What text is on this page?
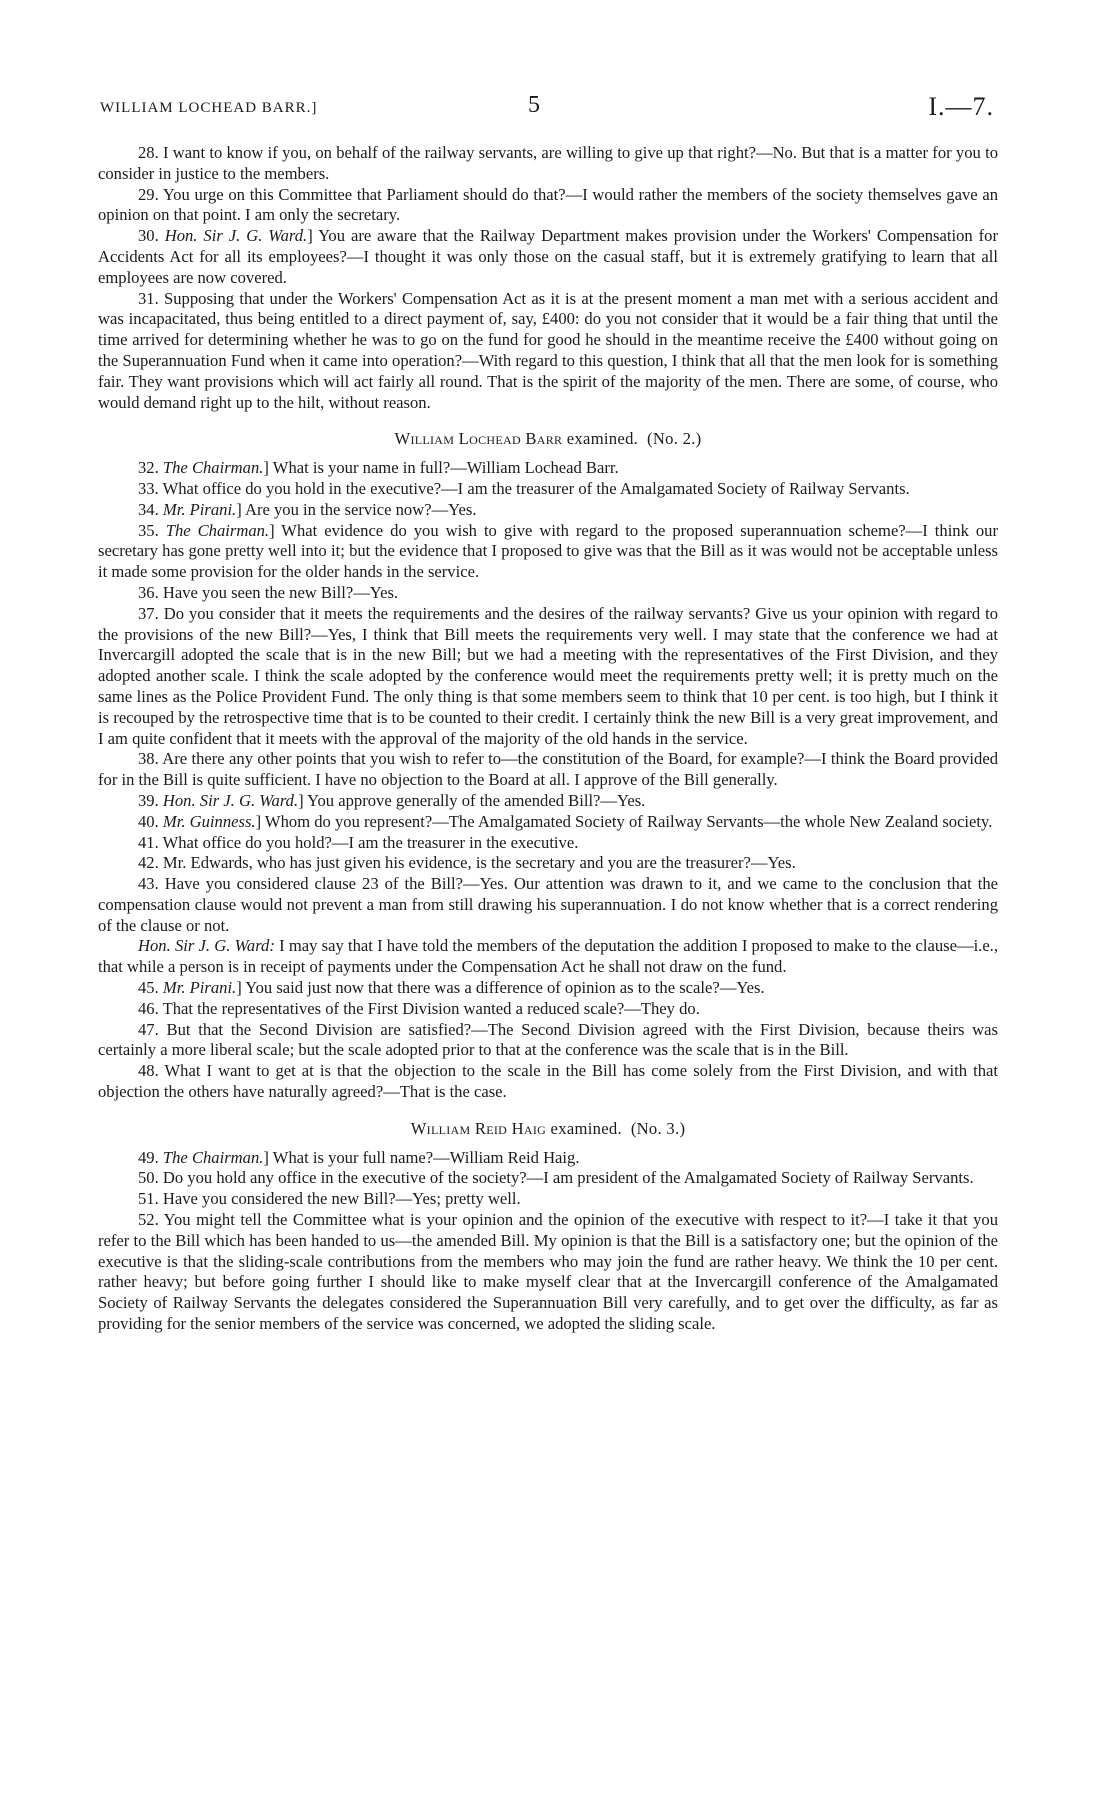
WILLIAM LOCHEAD BARR.]	5	I.—7.

28. I want to know if you, on behalf of the railway servants, are willing to give up that right?—No. But that is a matter for you to consider in justice to the members.

29. You urge on this Committee that Parliament should do that?—I would rather the members of the society themselves gave an opinion on that point. I am only the secretary.

30. Hon. Sir J. G. Ward.] You are aware that the Railway Department makes provision under the Workers' Compensation for Accidents Act for all its employees?—I thought it was only those on the casual staff, but it is extremely gratifying to learn that all employees are now covered.

31. Supposing that under the Workers' Compensation Act as it is at the present moment a man met with a serious accident and was incapacitated, thus being entitled to a direct payment of, say, £400: do you not consider that it would be a fair thing that until the time arrived for determining whether he was to go on the fund for good he should in the meantime receive the £400 without going on the Superannuation Fund when it came into operation?—With regard to this question, I think that all that the men look for is something fair. They want provisions which will act fairly all round. That is the spirit of the majority of the men. There are some, of course, who would demand right up to the hilt, without reason.

William Lochead Barr examined. (No. 2.)

32. The Chairman.] What is your name in full?—William Lochead Barr.

33. What office do you hold in the executive?—I am the treasurer of the Amalgamated Society of Railway Servants.

34. Mr. Pirani.] Are you in the service now?—Yes.

35. The Chairman.] What evidence do you wish to give with regard to the proposed superannuation scheme?—I think our secretary has gone pretty well into it; but the evidence that I proposed to give was that the Bill as it was would not be acceptable unless it made some provision for the older hands in the service.

36. Have you seen the new Bill?—Yes.

37. Do you consider that it meets the requirements and the desires of the railway servants? Give us your opinion with regard to the provisions of the new Bill?—Yes, I think that Bill meets the requirements very well. I may state that the conference we had at Invercargill adopted the scale that is in the new Bill; but we had a meeting with the representatives of the First Division, and they adopted another scale. I think the scale adopted by the conference would meet the requirements pretty well; it is pretty much on the same lines as the Police Provident Fund. The only thing is that some members seem to think that 10 per cent. is too high, but I think it is recouped by the retrospective time that is to be counted to their credit. I certainly think the new Bill is a very great improvement, and I am quite confident that it meets with the approval of the majority of the old hands in the service.

38. Are there any other points that you wish to refer to—the constitution of the Board, for example?—I think the Board provided for in the Bill is quite sufficient. I have no objection to the Board at all. I approve of the Bill generally.

39. Hon. Sir J. G. Ward.] You approve generally of the amended Bill?—Yes.

40. Mr. Guinness.] Whom do you represent?—The Amalgamated Society of Railway Servants—the whole New Zealand society.

41. What office do you hold?—I am the treasurer in the executive.

42. Mr. Edwards, who has just given his evidence, is the secretary and you are the treasurer?—Yes.

43. Have you considered clause 23 of the Bill?—Yes. Our attention was drawn to it, and we came to the conclusion that the compensation clause would not prevent a man from still drawing his superannuation. I do not know whether that is a correct rendering of the clause or not.

Hon. Sir J. G. Ward: I may say that I have told the members of the deputation the addition I proposed to make to the clause—i.e., that while a person is in receipt of payments under the Compensation Act he shall not draw on the fund.

45. Mr. Pirani.] You said just now that there was a difference of opinion as to the scale?—Yes.

46. That the representatives of the First Division wanted a reduced scale?—They do.

47. But that the Second Division are satisfied?—The Second Division agreed with the First Division, because theirs was certainly a more liberal scale; but the scale adopted prior to that at the conference was the scale that is in the Bill.

48. What I want to get at is that the objection to the scale in the Bill has come solely from the First Division, and with that objection the others have naturally agreed?—That is the case.

William Reid Haig examined. (No. 3.)

49. The Chairman.] What is your full name?—William Reid Haig.

50. Do you hold any office in the executive of the society?—I am president of the Amalgamated Society of Railway Servants.

51. Have you considered the new Bill?—Yes; pretty well.

52. You might tell the Committee what is your opinion and the opinion of the executive with respect to it?—I take it that you refer to the Bill which has been handed to us—the amended Bill. My opinion is that the Bill is a satisfactory one; but the opinion of the executive is that the sliding-scale contributions from the members who may join the fund are rather heavy. We think the 10 per cent. rather heavy; but before going further I should like to make myself clear that at the Invercargill conference of the Amalgamated Society of Railway Servants the delegates considered the Superannuation Bill very carefully, and to get over the difficulty, as far as providing for the senior members of the service was concerned, we adopted the sliding scale.
